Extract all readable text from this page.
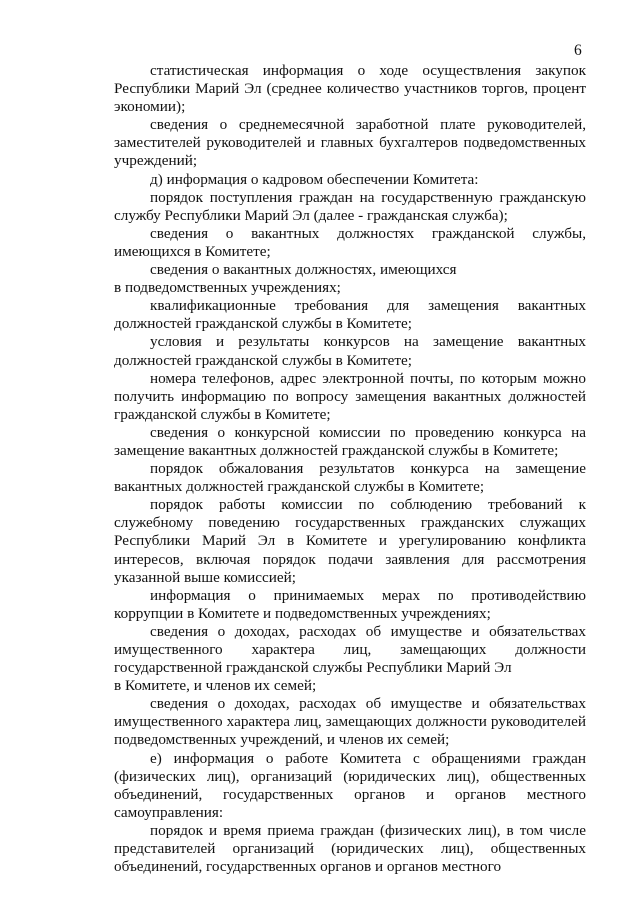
6

статистическая информация о ходе осуществления закупок Республики Марий Эл (среднее количество участников торгов, процент экономии);

сведения о среднемесячной заработной плате руководителей, заместителей руководителей и главных бухгалтеров подведомственных учреждений;

д) информация о кадровом обеспечении Комитета:

порядок поступления граждан на государственную гражданскую службу Республики Марий Эл (далее - гражданская служба);

сведения о вакантных должностях гражданской службы, имеющихся в Комитете;

сведения о вакантных должностях, имеющихся
в подведомственных учреждениях;

квалификационные требования для замещения вакантных должностей гражданской службы в Комитете;

условия и результаты конкурсов на замещение вакантных должностей гражданской службы в Комитете;

номера телефонов, адрес электронной почты, по которым можно получить информацию по вопросу замещения вакантных должностей гражданской службы в Комитете;

сведения о конкурсной комиссии по проведению конкурса на замещение вакантных должностей гражданской службы в Комитете;

порядок обжалования результатов конкурса на замещение вакантных должностей гражданской службы в Комитете;

порядок работы комиссии по соблюдению требований к служебному поведению государственных гражданских служащих Республики Марий Эл в Комитете и урегулированию конфликта интересов, включая порядок подачи заявления для рассмотрения указанной выше комиссией;

информация о принимаемых мерах по противодействию коррупции в Комитете и подведомственных учреждениях;

сведения о доходах, расходах об имуществе и обязательствах имущественного характера лиц, замещающих должности государственной гражданской службы Республики Марий Эл
в Комитете, и членов их семей;

сведения о доходах, расходах об имуществе и обязательствах имущественного характера лиц, замещающих должности руководителей подведомственных учреждений, и членов их семей;

е) информация о работе Комитета с обращениями граждан (физических лиц), организаций (юридических лиц), общественных объединений, государственных органов и органов местного самоуправления:

порядок и время приема граждан (физических лиц), в том числе представителей организаций (юридических лиц), общественных объединений, государственных органов и органов местного
